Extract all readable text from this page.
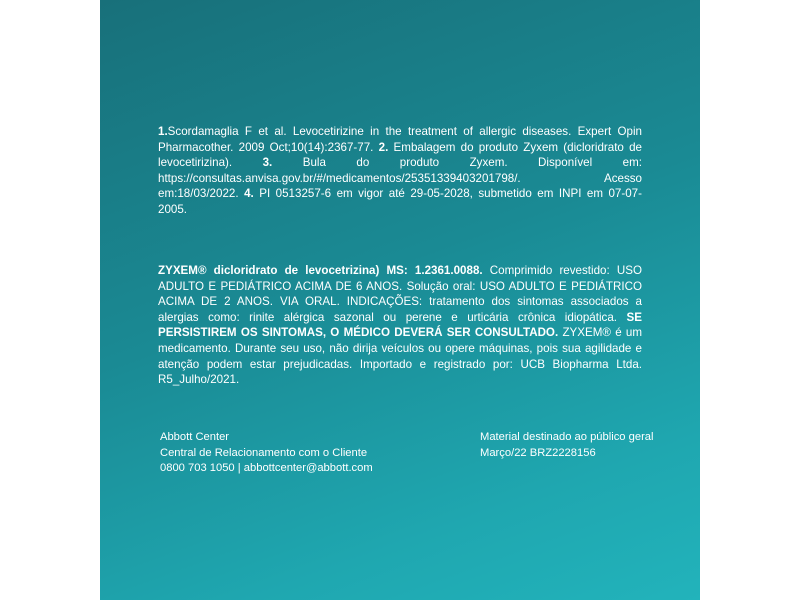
1.Scordamaglia F et al. Levocetirizine in the treatment of allergic diseases. Expert Opin Pharmacother. 2009 Oct;10(14):2367-77. 2. Embalagem do produto Zyxem (dicloridrato de levocetirizina).	3.	Bula do produto Zyxem. Disponível em: https://consultas.anvisa.gov.br/#/medicamentos/25351339403201798/. Acesso em:18/03/2022. 4. PI 0513257-6 em vigor até 29-05-2028, submetido em INPI em 07-07-2005.
ZYXEM® dicloridrato de levocetrizina) MS: 1.2361.0088. Comprimido revestido: USO ADULTO E PEDIÁTRICO ACIMA DE 6 ANOS. Solução oral: USO ADULTO E PEDIÁTRICO ACIMA DE 2 ANOS. VIA ORAL. INDICAÇÕES: tratamento dos sintomas associados a alergias como: rinite alérgica sazonal ou perene e urticária crônica idiopática. SE PERSISTIREM OS SINTOMAS, O MÉDICO DEVERÁ SER CONSULTADO. ZYXEM® é um medicamento. Durante seu uso, não dirija veículos ou opere máquinas, pois sua agilidade e atenção podem estar prejudicadas. Importado e registrado por: UCB Biopharma Ltda. R5_Julho/2021.
Abbott Center
Central de Relacionamento com o Cliente
0800 703 1050 | abbottcenter@abbott.com
Material destinado ao público geral
Março/22 BRZ2228156
